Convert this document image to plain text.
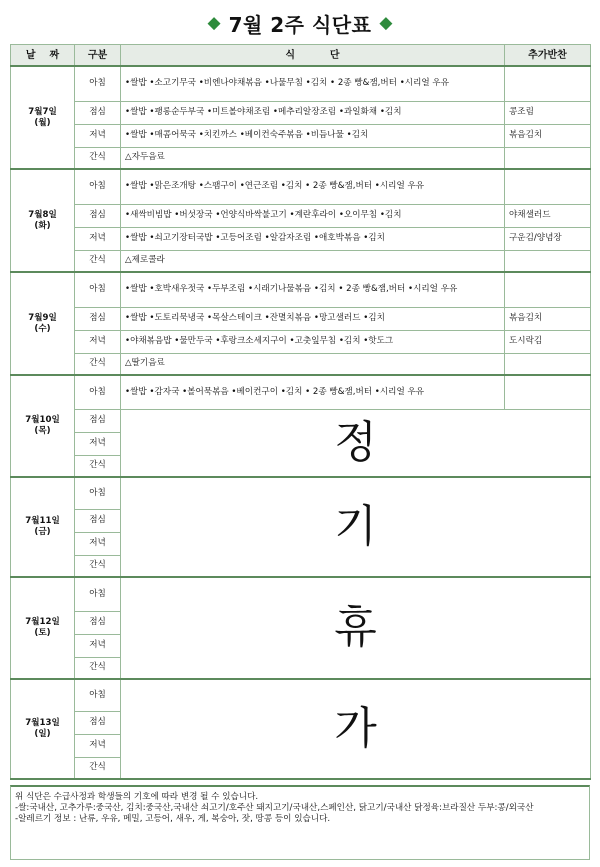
◆ 7월 2주 식단표 ◆
날    짜	구분	식          단	추가반찬

7월7일
(월)	아침	•쌀밥 •소고기무국 •비엔나야채볶음 •나물무침 •김치 • 2종 빵&잼,버터 •시리얼 우유	
	점심	•쌀밥 •팽롱순두부국 •미트볼야채조림 •메추리알장조림 •과일화채 •김치	콩조림
	저녁	•쌀밥 •매콤어묵국 •치킨까스 •베이컨숙주볶음 •비듬나물 •김치	볶음김치
	간식	△자두음료	

7월8일
(화)	아침	•쌀밥 •맑은조개탕 •스팸구이 •연근조림 •김치 • 2종 빵&잼,버터 •시리얼 우유	
	점심	•새싹비빔밥 •버섯장국 •언양식바싹불고기 •계란후라이 •오이무침 •김치	야채샐러드
	저녁	•쌀밥 •쇠고기장터국밥 •고등어조림 •알감자조림 •애호박볶음 •김치	구운김/양념장
	간식	△제로콜라	

7월9일
(수)	아침	•쌀밥 •호박새우젓국 •두부조림 •시래기나물볶음 •김치 • 2종 빵&잼,버터 •시리얼 우유	
	점심	•쌀밥 •도토리묵냉국 •목살스테이크 •잔멸치볶음 •망고샐러드 •김치	볶음김치
	저녁	•야채볶음밥 •물만두국 •후랑크소세지구이 •고춧잎무침 •김치 •핫도그	도시락김
	간식	△딸기음료	

7월10일
(목)	아침	•쌀밥 •감자국 •볼어묵볶음 •베이컨구이 •김치 • 2종 빵&잼,버터 •시리얼 우유	
	점심	정	
	저녁		
	간식		

7월11일
(금)	아침	기	
	점심		
	저녁		
	간식		

7월12일
(토)	아침	휴	
	점심		
	저녁		
	간식		

7월13일
(일)	아침	가	
	점심		
	저녁		
	간식		
위 식단은 수급사정과 학생들의 기호에 따라 변경 될 수 있습니다.
-쌀:국내산, 고추가루:중국산, 김치:중국산,국내산 쇠고기/호주산 돼지고기/국내산,스페인산, 닭고기/국내산 닭정육:브라질산 두부:콩/외국산
-알레르기 정보 : 난류, 우유, 메밀, 고등어, 새우, 게, 복숭아, 잣, 땅콩 등이 있습니다.
